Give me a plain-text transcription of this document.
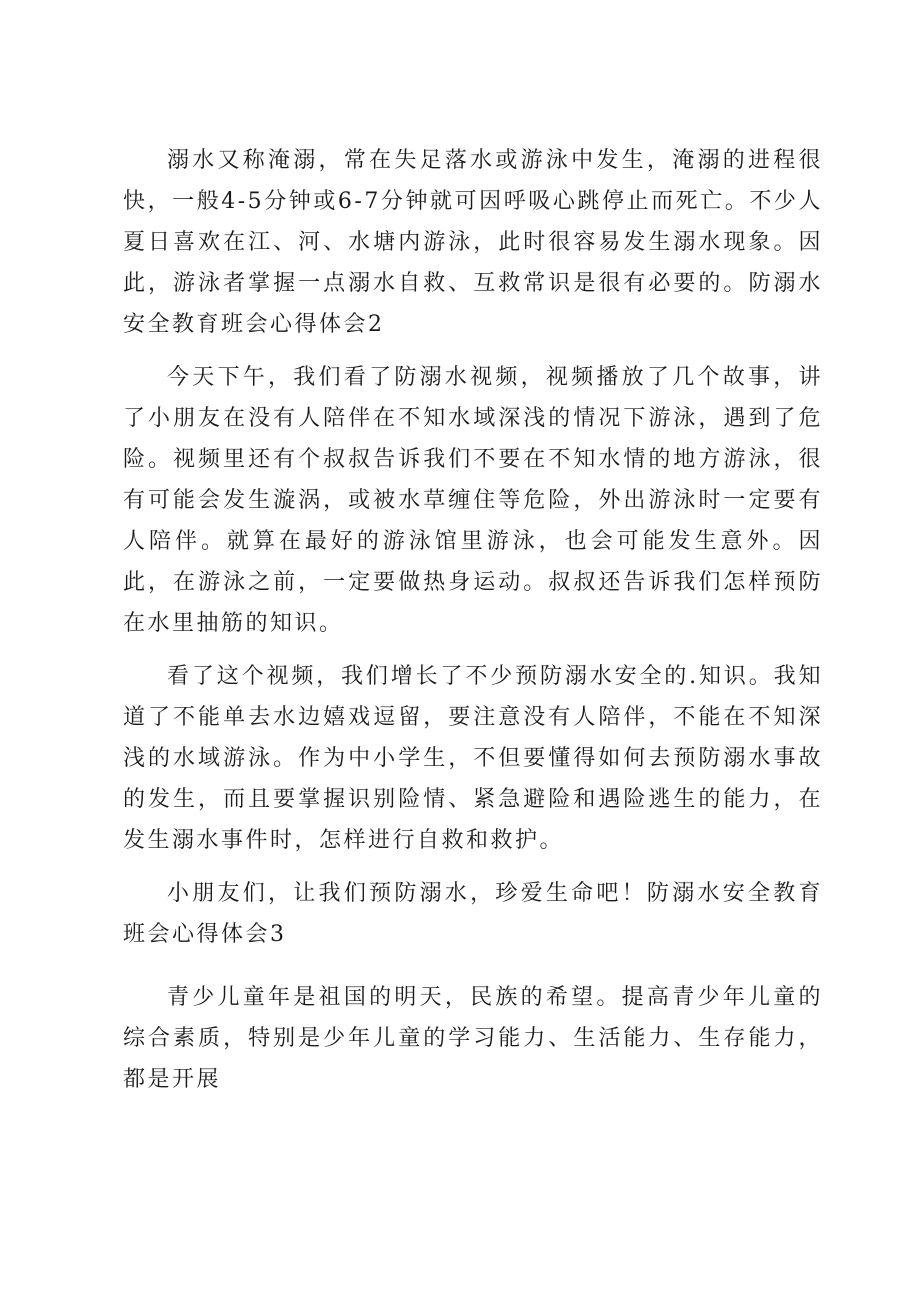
溺水又称淹溺，常在失足落水或游泳中发生，淹溺的进程很快，一般4-5分钟或6-7分钟就可因呼吸心跳停止而死亡。不少人夏日喜欢在江、河、水塘内游泳，此时很容易发生溺水现象。因此，游泳者掌握一点溺水自救、互救常识是很有必要的。防溺水安全教育班会心得体会2

今天下午，我们看了防溺水视频，视频播放了几个故事，讲了小朋友在没有人陪伴在不知水域深浅的情况下游泳，遇到了危险。视频里还有个叔叔告诉我们不要在不知水情的地方游泳，很有可能会发生漩涡，或被水草缠住等危险，外出游泳时一定要有人陪伴。就算在最好的游泳馆里游泳，也会可能发生意外。因此，在游泳之前，一定要做热身运动。叔叔还告诉我们怎样预防在水里抽筋的知识。

看了这个视频，我们增长了不少预防溺水安全的.知识。我知道了不能单去水边嬉戏逗留，要注意没有人陪伴，不能在不知深浅的水域游泳。作为中小学生，不但要懂得如何去预防溺水事故的发生，而且要掌握识别险情、紧急避险和遇险逃生的能力，在发生溺水事件时，怎样进行自救和救护。

小朋友们，让我们预防溺水，珍爱生命吧！防溺水安全教育班会心得体会3

青少儿童年是祖国的明天，民族的希望。提高青少年儿童的综合素质，特别是少年儿童的学习能力、生活能力、生存能力，都是开展
